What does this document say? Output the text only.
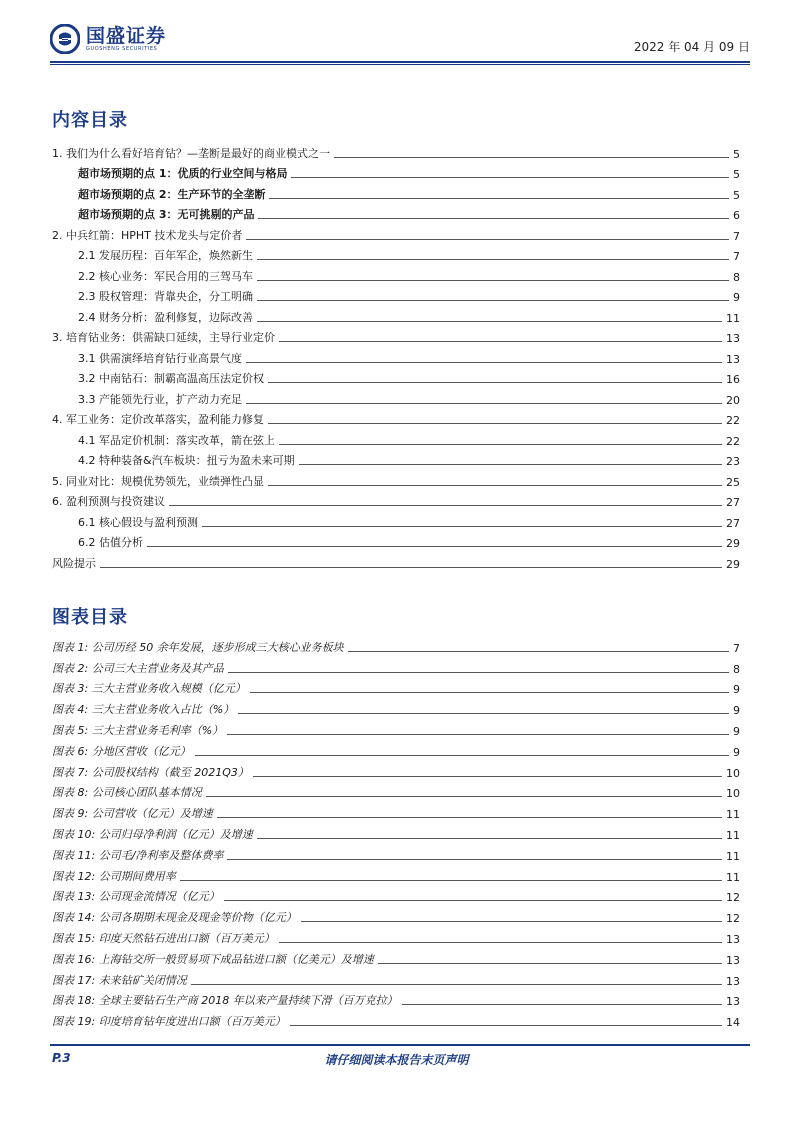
国盛证券
GUOSHENG SECURITIES	2022 年 04 月 09 日
内容目录
1. 我们为什么看好培育钻？—垄断是最好的商业模式之一	5
超市场预期的点 1：优质的行业空间与格局	5
超市场预期的点 2：生产环节的全垄断	5
超市场预期的点 3：无可挑剔的产品	6
2. 中兵红箭：HPHT 技术龙头与定价者	7
2.1 发展历程：百年军企，焕然新生	7
2.2 核心业务：军民合用的三驾马车	8
2.3 股权管理：背靠央企，分工明确	9
2.4 财务分析：盈利修复，边际改善	11
3. 培育钻业务：供需缺口延续，主导行业定价	13
3.1 供需演绎培育钻行业高景气度	13
3.2 中南钻石：制霸高温高压法定价权	16
3.3 产能领先行业，扩产动力充足	20
4. 军工业务：定价改革落实，盈利能力修复	22
4.1 军品定价机制：落实改革，箭在弦上	22
4.2 特种装备&汽车板块：扭亏为盈未来可期	23
5. 同业对比：规模优势领先，业绩弹性凸显	25
6. 盈利预测与投资建议	27
6.1 核心假设与盈利预测	27
6.2 估值分析	29
风险提示	29
图表目录
图表 1: 公司历经 50 余年发展，逐步形成三大核心业务板块	7
图表 2: 公司三大主营业务及其产品	8
图表 3: 三大主营业务收入规模（亿元）	9
图表 4: 三大主营业务收入占比（%）	9
图表 5: 三大主营业务毛利率（%）	9
图表 6: 分地区营收（亿元）	9
图表 7: 公司股权结构（截至 2021Q3）	10
图表 8: 公司核心团队基本情况	10
图表 9: 公司营收（亿元）及增速	11
图表 10: 公司归母净利润（亿元）及增速	11
图表 11: 公司毛/净利率及整体费率	11
图表 12: 公司期间费用率	11
图表 13: 公司现金流情况（亿元）	12
图表 14: 公司各期期末现金及现金等价物（亿元）	12
图表 15: 印度天然钻石进出口额（百万美元）	13
图表 16: 上海钻交所一般贸易项下成品钻进口额（亿美元）及增速	13
图表 17: 未来钻矿关闭情况	13
图表 18: 全球主要钻石生产商 2018 年以来产量持续下滑（百万克拉）	13
图表 19: 印度培育钻年度进出口额（百万美元）	14
P.3	请仔细阅读本报告末页声明
